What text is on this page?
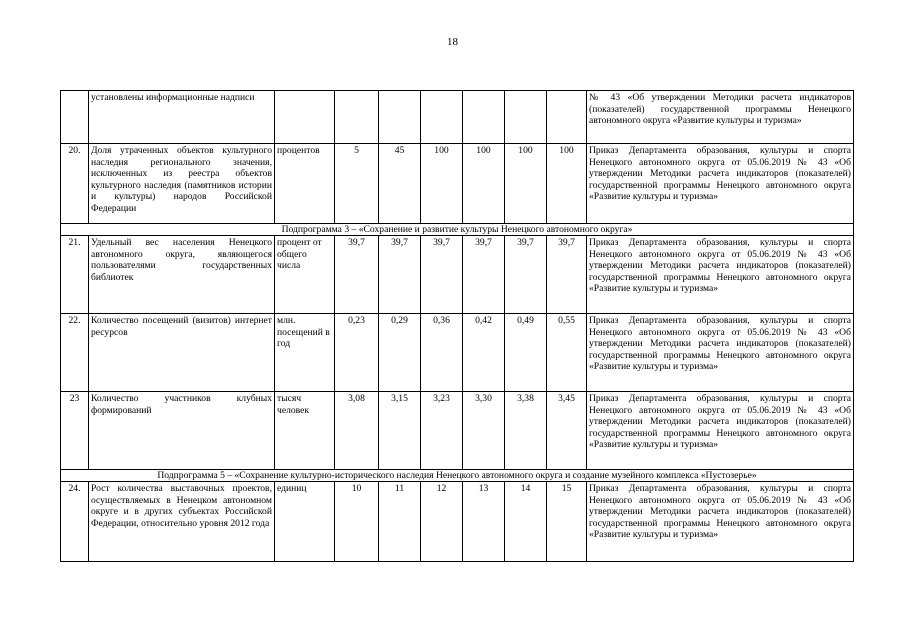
18
	установлены информационные надписи								№ 43 «Об утверждении Методики расчета индикаторов (показателей) государственной программы Ненецкого автономного округа «Развитие культуры и туризма»
20.	Доля утраченных объектов культурного наследия регионального значения, исключенных из реестра объектов культурного наследия (памятников истории и культуры) народов Российской Федерации	процентов	5	45	100	100	100	100	Приказ Департамента образования, культуры и спорта Ненецкого автономного округа от 05.06.2019 № 43 «Об утверждении Методики расчета индикаторов (показателей) государственной программы Ненецкого автономного округа «Развитие культуры и туризма»
Подпрограмма 3 – «Сохранение и развитие культуры Ненецкого автономного округа»									
21.	Удельный вес населения Ненецкого автономного округа, являющегося пользователями государственных библиотек	процент от общего числа	39,7	39,7	39,7	39,7	39,7	39,7	Приказ Департамента образования, культуры и спорта Ненецкого автономного округа от 05.06.2019 № 43 «Об утверждении Методики расчета индикаторов (показателей) государственной программы Ненецкого автономного округа «Развитие культуры и туризма»
22.	Количество посещений (визитов) интернет ресурсов	млн. посещений в год	0,23	0,29	0,36	0,42	0,49	0,55	Приказ Департамента образования, культуры и спорта Ненецкого автономного округа от 05.06.2019 № 43 «Об утверждении Методики расчета индикаторов (показателей) государственной программы Ненецкого автономного округа «Развитие культуры и туризма»
23	Количество участников клубных формирований	тысяч человек	3,08	3,15	3,23	3,30	3,38	3,45	Приказ Департамента образования, культуры и спорта Ненецкого автономного округа от 05.06.2019 № 43 «Об утверждении Методики расчета индикаторов (показателей) государственной программы Ненецкого автономного округа «Развитие культуры и туризма»
Подпрограмма 5 – «Сохранение культурно-исторического наследия Ненецкого автономного округа и создание музейного комплекса «Пустозерье»									
24.	Рост количества выставочных проектов, осуществляемых в Ненецком автономном округе и в других субъектах Российской Федерации, относительно уровня 2012 года	единиц	10	11	12	13	14	15	Приказ Департамента образования, культуры и спорта Ненецкого автономного округа от 05.06.2019 № 43 «Об утверждении Методики расчета индикаторов (показателей) государственной программы Ненецкого автономного округа «Развитие культуры и туризма»
